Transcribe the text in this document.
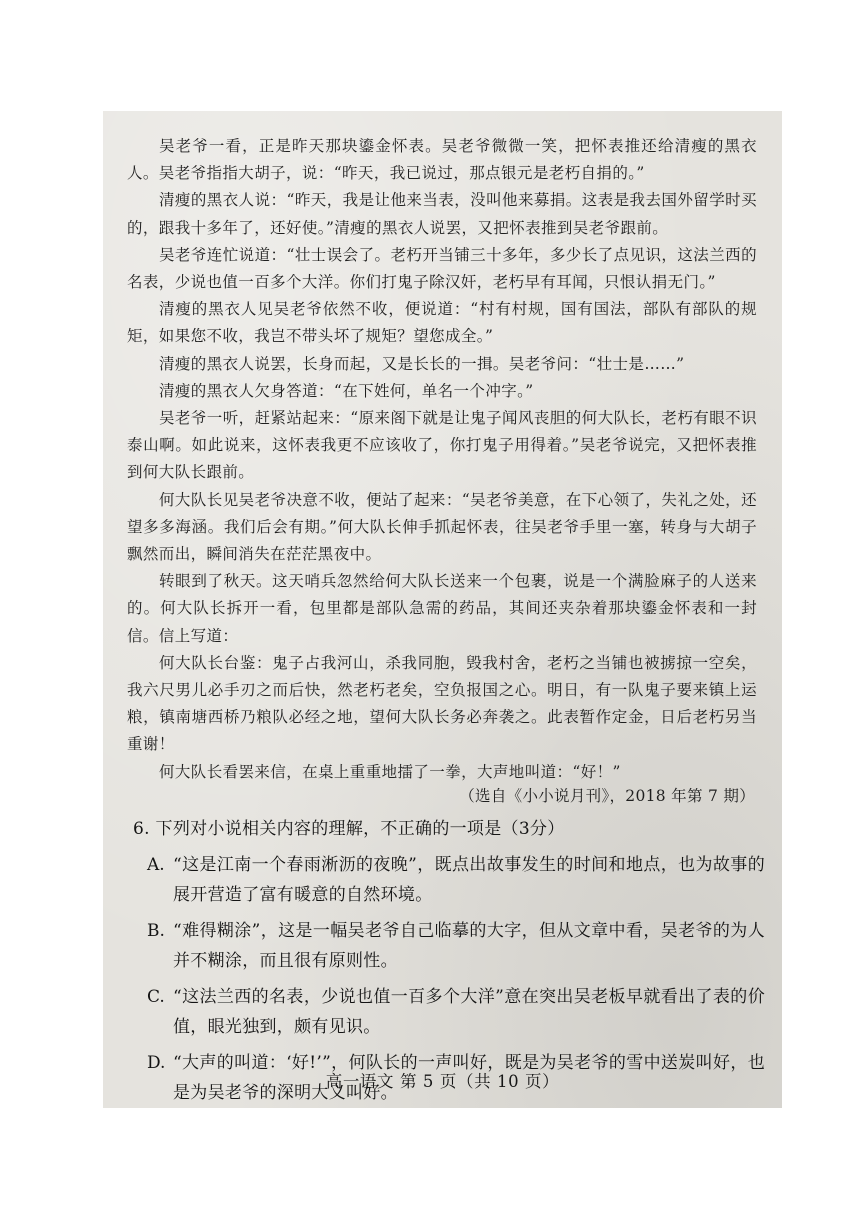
吴老爷一看，正是昨天那块鎏金怀表。吴老爷微微一笑，把怀表推还给清瘦的黑衣人。吴老爷指指大胡子，说：“昨天，我已说过，那点银元是老朽自捐的。”

清瘦的黑衣人说：“昨天，我是让他来当表，没叫他来募捐。这表是我去国外留学时买的，跟我十多年了，还好使。”清瘦的黑衣人说罢，又把怀表推到吴老爷跟前。

吴老爷连忙说道：“壮士误会了。老朽开当铺三十多年，多少长了点见识，这法兰西的名表，少说也值一百多个大洋。你们打鬼子除汉奸，老朽早有耳闻，只恨认捐无门。”

清瘦的黑衣人见吴老爷依然不收，便说道：“村有村规，国有国法，部队有部队的规矩，如果您不收，我岂不带头坏了规矩？望您成全。”

清瘦的黑衣人说罢，长身而起，又是长长的一揖。吴老爷问：“壮士是……”

清瘦的黑衣人欠身答道：“在下姓何，单名一个冲字。”

吴老爷一听，赶紧站起来：“原来阁下就是让鬼子闻风丧胆的何大队长，老朽有眼不识泰山啊。如此说来，这怀表我更不应该收了，你打鬼子用得着。”吴老爷说完，又把怀表推到何大队长跟前。

何大队长见吴老爷决意不收，便站了起来：“吴老爷美意，在下心领了，失礼之处，还望多多海涵。我们后会有期。”何大队长伸手抓起怀表，往吴老爷手里一塞，转身与大胡子飘然而出，瞬间消失在茫茫黑夜中。

转眼到了秋天。这天哨兵忽然给何大队长送来一个包裹，说是一个满脸麻子的人送来的。何大队长拆开一看，包里都是部队急需的药品，其间还夹杂着那块鎏金怀表和一封信。信上写道：

何大队长台鉴：鬼子占我河山，杀我同胞，毁我村舍，老朽之当铺也被掳掠一空矣，我六尺男儿必手刃之而后快，然老朽老矣，空负报国之心。明日，有一队鬼子要来镇上运粮，镇南塘西桥乃粮队必经之地，望何大队长务必奔袭之。此表暂作定金，日后老朽另当重谢！

何大队长看罢来信，在桌上重重地擂了一拳，大声地叫道：“好！”

（选自《小小说月刊》，2018 年第 7 期）
6. 下列对小说相关内容的理解，不正确的一项是（3分）
A. “这是江南一个春雨淅沥的夜晚”，既点出故事发生的时间和地点，也为故事的展开营造了富有暖意的自然环境。
B. “难得糊涂”，这是一幅吴老爷自己临摹的大字，但从文章中看，吴老爷的为人并不糊涂，而且很有原则性。
C. “这法兰西的名表，少说也值一百多个大洋”意在突出吴老板早就看出了表的价值，眼光独到，颇有见识。
D. “大声的叫道：‘好!’”，何队长的一声叫好，既是为吴老爷的雪中送炭叫好，也是为吴老爷的深明大义叫好。
高一语文 第 5 页（共 10 页）
